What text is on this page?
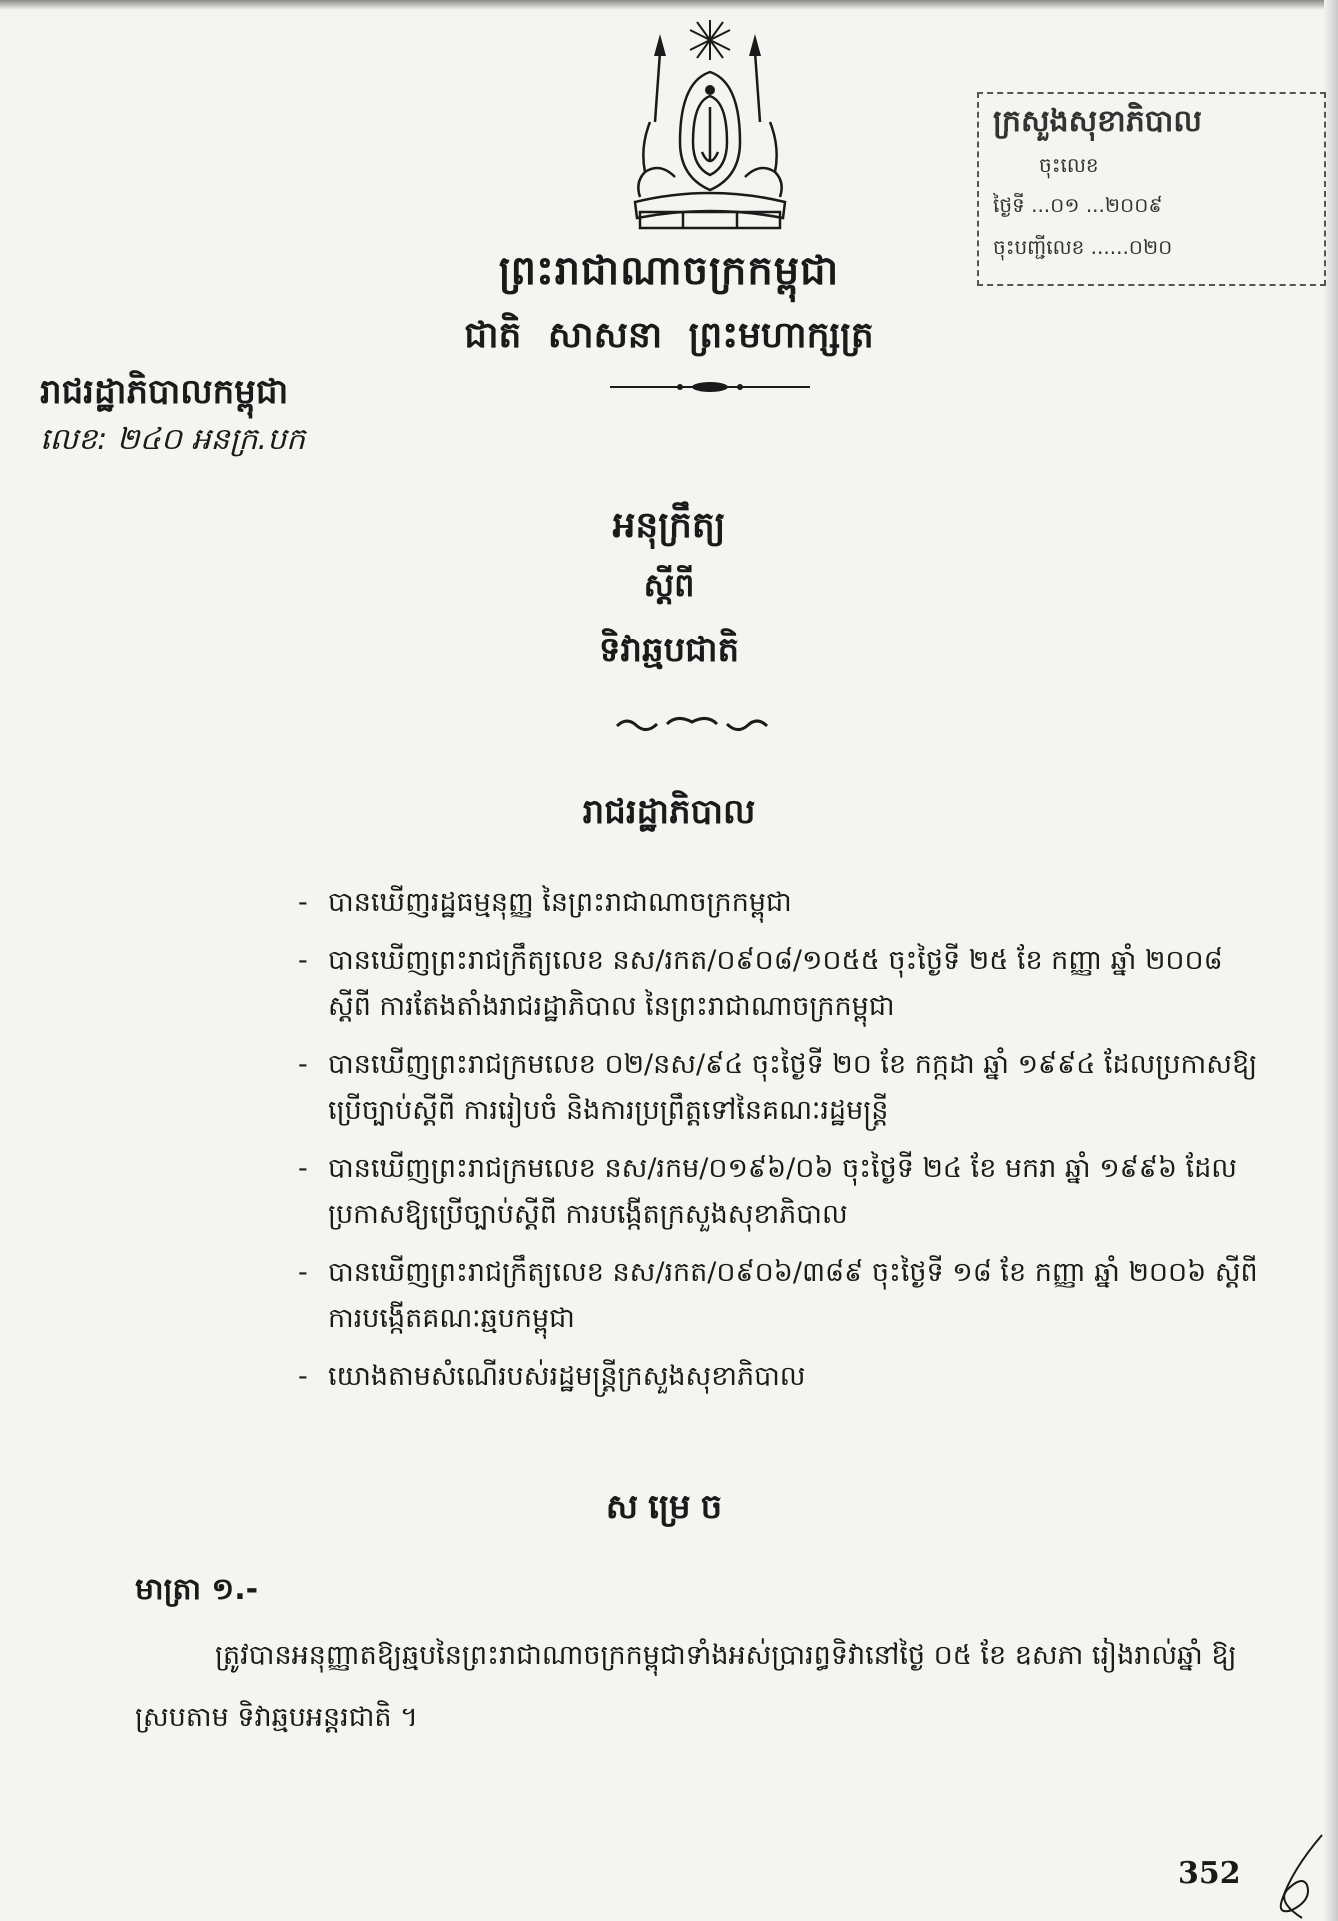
ព្រះរាជាណាចក្រកម្ពុជា
ជាតិ សាសនា ព្រះមហាក្សត្រ
ក្រសួងសុខាភិបាល
ចុះលេខ
ថ្ងៃទី ...០១ ...២០០៩
ចុះបញ្ជីលេខ ......០២០
រាជរដ្ឋាភិបាលកម្ពុជា
លេខ: ២៤០ អនក្រ.បក
អនុក្រឹត្យ
ស្តីពី
ទិវាឆ្មបជាតិ
រាជរដ្ឋាភិបាល
- បានឃើញរដ្ឋធម្មនុញ្ញ នៃព្រះរាជាណាចក្រកម្ពុជា
- បានឃើញព្រះរាជក្រឹត្យលេខ នស/រកត/០៩០៨/១០៥៥ ចុះថ្ងៃទី ២៥ ខែ កញ្ញា ឆ្នាំ ២០០៨ ស្តីពី ការតែងតាំងរាជរដ្ឋាភិបាល នៃព្រះរាជាណាចក្រកម្ពុជា
- បានឃើញព្រះរាជក្រមលេខ ០២/នស/៩៤ ចុះថ្ងៃទី ២០ ខែ កក្កដា ឆ្នាំ ១៩៩៤ ដែលប្រកាសឱ្យប្រើច្បាប់ស្តីពី ការរៀបចំ និងការប្រព្រឹត្តទៅនៃគណៈរដ្ឋមន្ត្រី
- បានឃើញព្រះរាជក្រមលេខ នស/រកម/០១៩៦/០៦ ចុះថ្ងៃទី ២៤ ខែ មករា ឆ្នាំ ១៩៩៦ ដែលប្រកាសឱ្យប្រើច្បាប់ស្តីពី ការបង្កើតក្រសួងសុខាភិបាល
- បានឃើញព្រះរាជក្រឹត្យលេខ នស/រកត/០៩០៦/៣៨៩ ចុះថ្ងៃទី ១៨ ខែ កញ្ញា ឆ្នាំ ២០០៦ ស្តីពី ការបង្កើតគណៈឆ្មបកម្ពុជា
- យោងតាមសំណើរបស់រដ្ឋមន្ត្រីក្រសួងសុខាភិបាល
សម្រេច
មាត្រា ១.-

ត្រូវបានអនុញ្ញាតឱ្យឆ្មបនៃព្រះរាជាណាចក្រកម្ពុជាទាំងអស់ប្រារព្ធទិវានៅថ្ងៃ ០៥ ខែ ឧសភា រៀងរាល់ឆ្នាំ ឱ្យស្របតាម ទិវាឆ្មបអន្តរជាតិ ។

352
